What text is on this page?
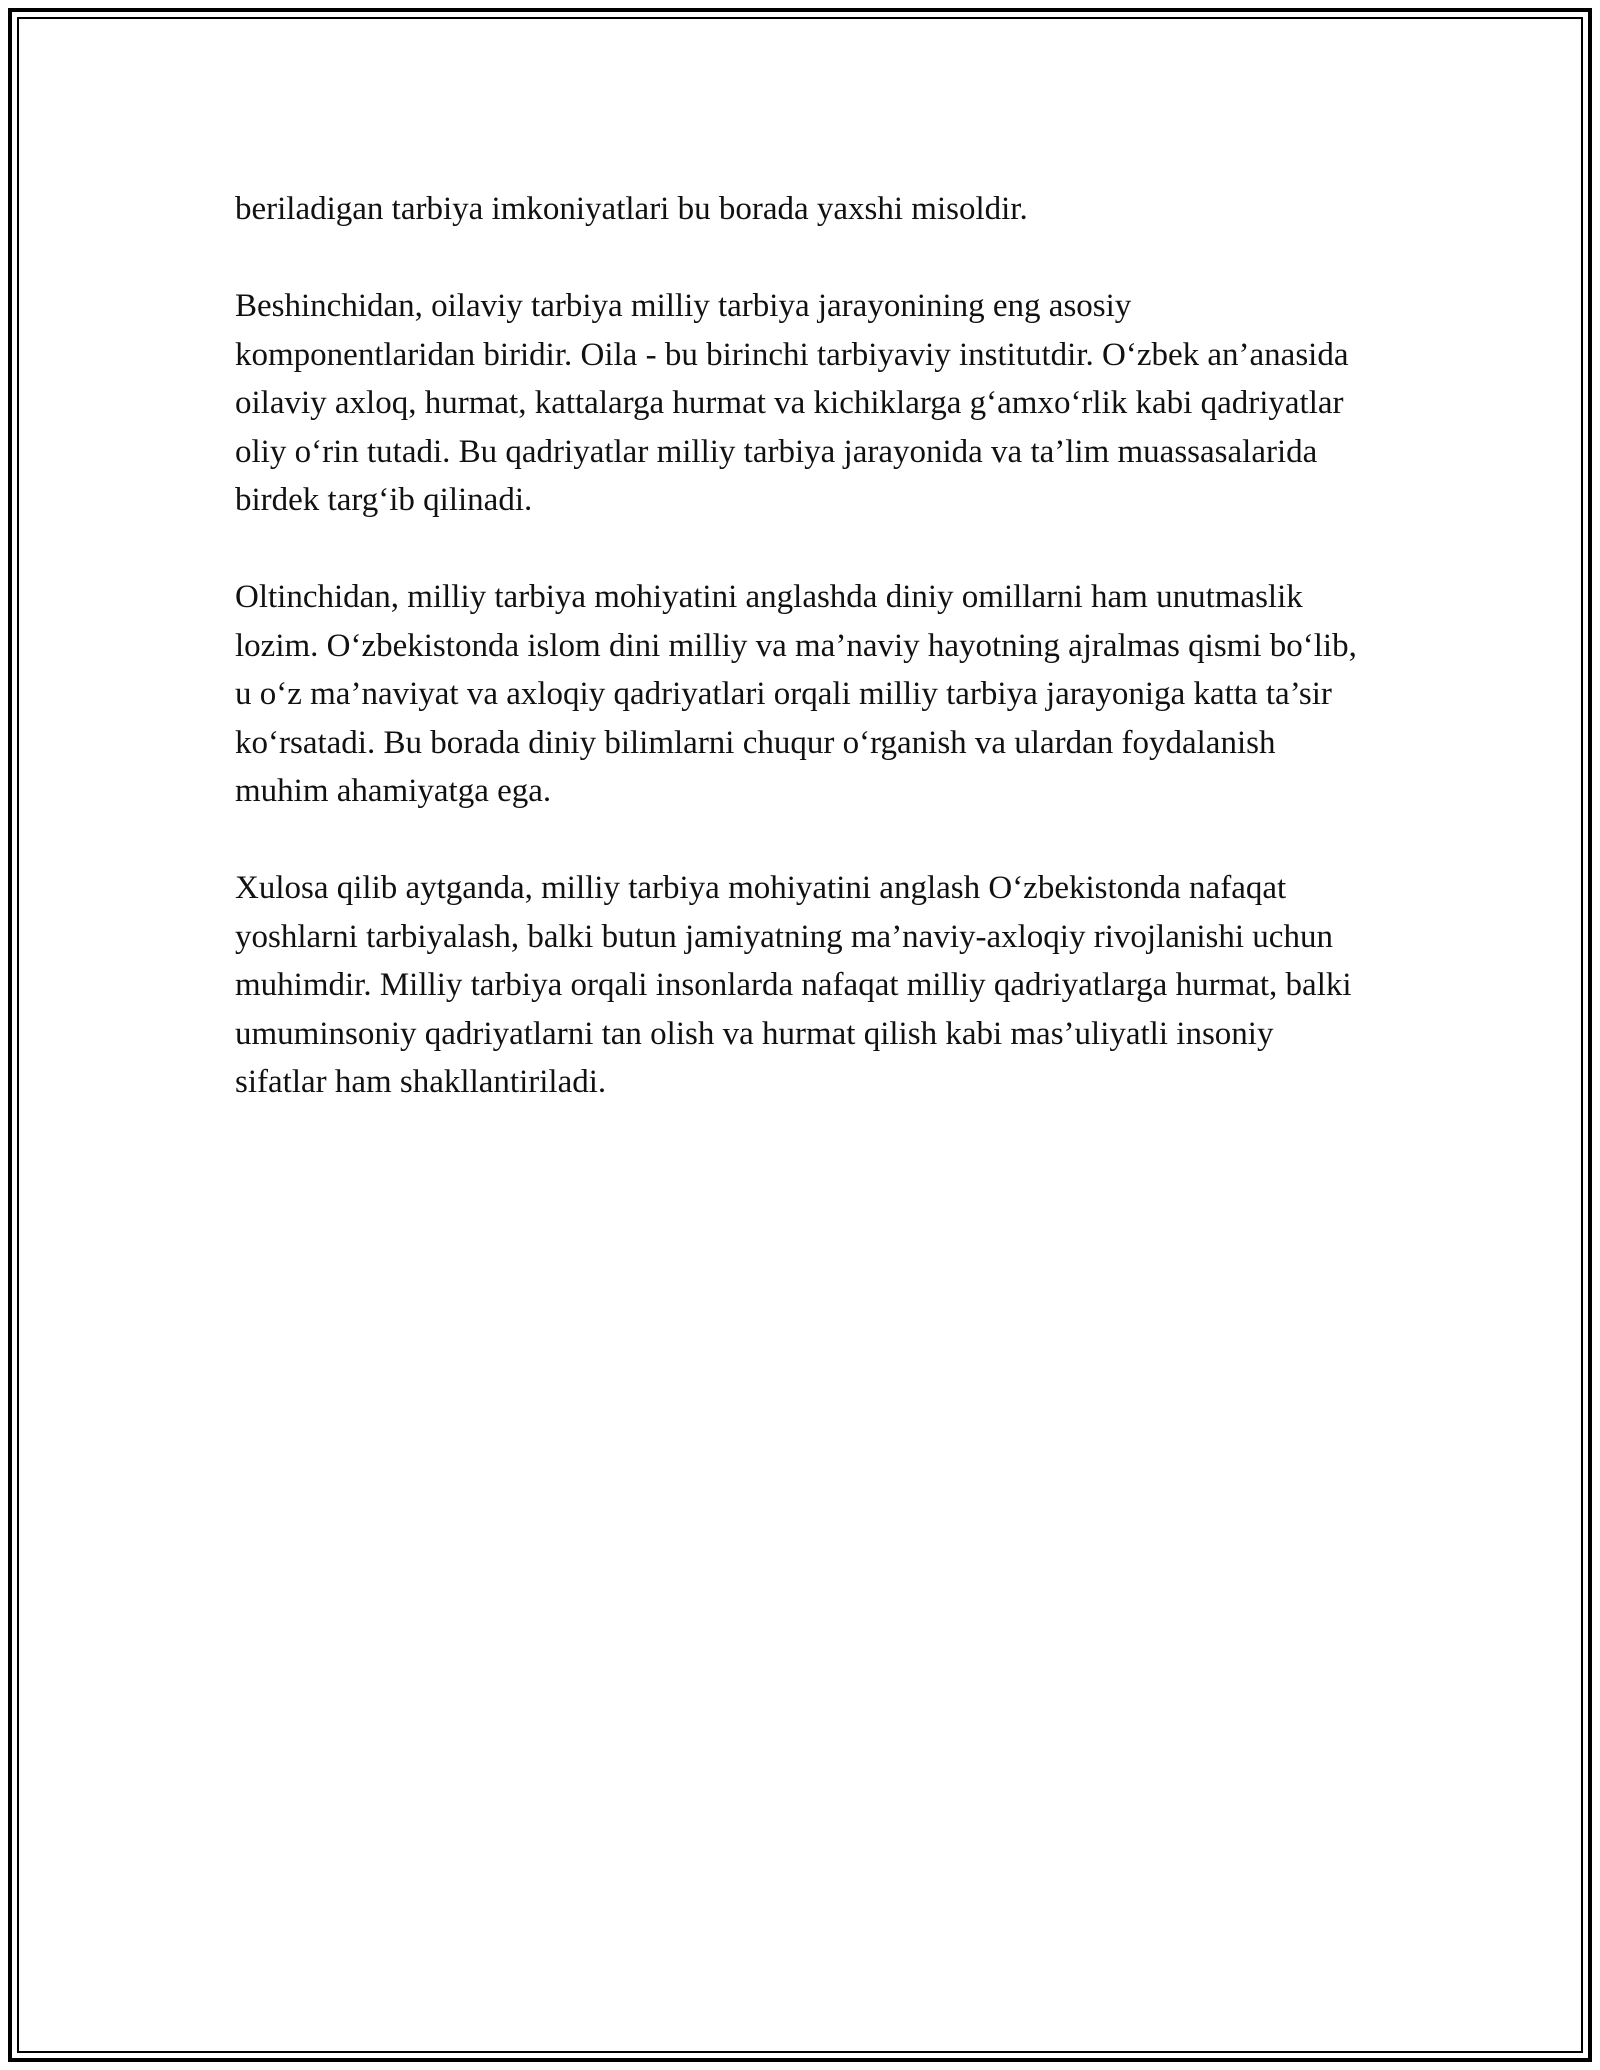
beriladigan tarbiya imkoniyatlari bu borada yaxshi misoldir.

Beshinchidan, oilaviy tarbiya milliy tarbiya jarayonining eng asosiy komponentlaridan biridir. Oila - bu birinchi tarbiyaviy institutdir. O‘zbek an’anasida oilaviy axloq, hurmat, kattalarga hurmat va kichiklarga g‘amxo‘rlik kabi qadriyatlar oliy o‘rin tutadi. Bu qadriyatlar milliy tarbiya jarayonida va ta’lim muassasalarida birdek targ‘ib qilinadi.

Oltinchidan, milliy tarbiya mohiyatini anglashda diniy omillarni ham unutmaslik lozim. O‘zbekistonda islom dini milliy va ma’naviy hayotning ajralmas qismi bo‘lib, u o‘z ma’naviyat va axloqiy qadriyatlari orqali milliy tarbiya jarayoniga katta ta’sir ko‘rsatadi. Bu borada diniy bilimlarni chuqur o‘rganish va ulardan foydalanish muhim ahamiyatga ega.

Xulosa qilib aytganda, milliy tarbiya mohiyatini anglash O‘zbekistonda nafaqat yoshlarni tarbiyalash, balki butun jamiyatning ma’naviy-axloqiy rivojlanishi uchun muhimdir. Milliy tarbiya orqali insonlarda nafaqat milliy qadriyatlarga hurmat, balki umuminsoniy qadriyatlarni tan olish va hurmat qilish kabi mas’uliyatli insoniy sifatlar ham shakllantiriladi.
